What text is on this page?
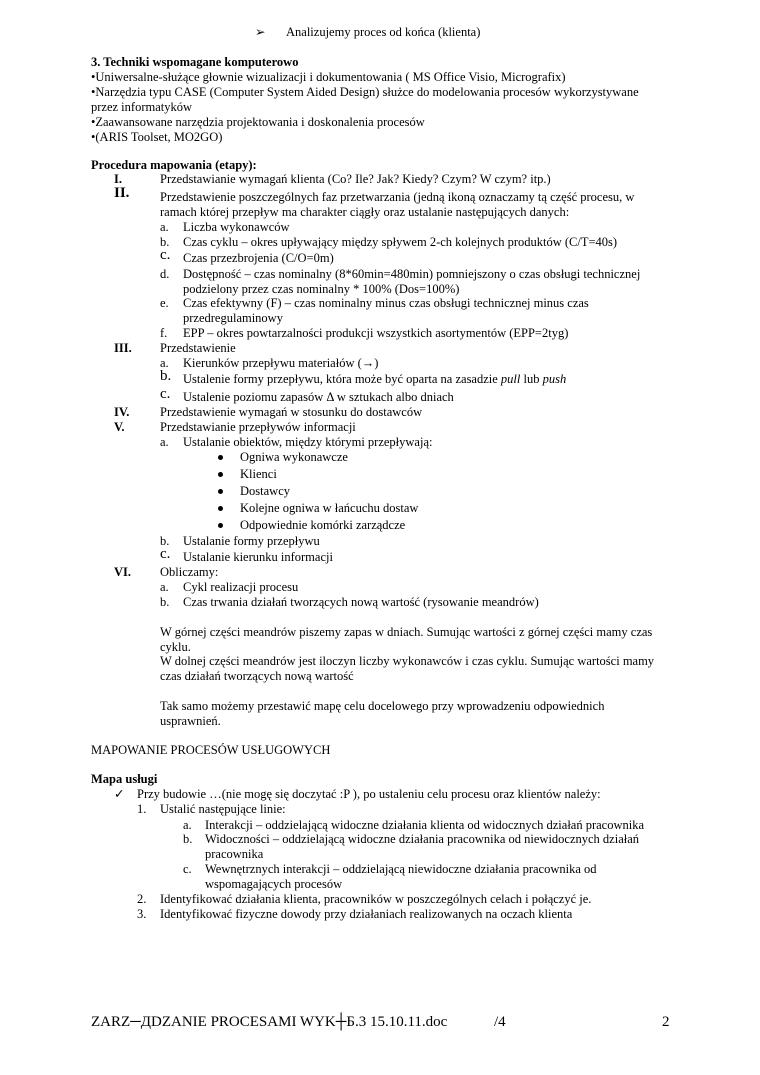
➢ Analizujemy proces od końca (klienta)
3. Techniki wspomagane komputerowo
•Uniwersalne-służące głownie wizualizacji i dokumentowania ( MS Office Visio, Micrografix)
•Narzędzia typu CASE (Computer System Aided Design) służce do modelowania procesów wykorzystywane
przez informatyków
•Zaawansowane narzędzia projektowania i doskonalenia procesów
•(ARIS Toolset, MO2GO)
Procedura mapowania (etapy):
I.	Przedstawianie wymagań klienta (Co? Ile? Jak? Kiedy? Czym? W czym? itp.)
II. Przedstawienie poszczególnych faz przetwarzania (jedną ikoną oznaczamy tą część procesu, w
ramach której przepływ ma charakter ciągły oraz ustalanie następujących danych:
a. Liczba wykonawców
b. Czas cyklu – okres upływający między spływem 2-ch kolejnych produktów (C/T=40s)
c. Czas przezbrojenia (C/O=0m)
d. Dostępność – czas nominalny (8*60min=480min) pomniejszony o czas obsługi technicznej
podzielony przez czas nominalny * 100% (Dos=100%)
e. Czas efektywny (F) – czas nominalny minus czas obsługi technicznej minus czas
przedregulaminowy
f. EPP – okres powtarzalności produkcji wszystkich asortymentów (EPP=2tyg)
III. Przedstawienie
a. Kierunków przepływu materiałów (→)
b. Ustalenie formy przepływu, która może być oparta na zasadzie pull lub push
c. Ustalenie poziomu zapasów Δ w sztukach albo dniach
IV. Przedstawienie wymagań w stosunku do dostawców
V.	Przedstawianie przepływów informacji
a. Ustalanie obiektów, między którymi przepływają:
Ogniwa wykonawcze
Klienci
Dostawcy
Kolejne ogniwa w łańcuchu dostaw
Odpowiednie komórki zarządcze
b. Ustalanie formy przepływu
c. Ustalanie kierunku informacji
VI. Obliczamy:
a. Cykl realizacji procesu
b. Czas trwania działań tworzących nową wartość (rysowanie meandrów)
W górnej części meandrów piszemy zapas w dniach. Sumując wartości z górnej części mamy czas
cyklu.
W dolnej części meandrów jest iloczyn liczby wykonawców i czas cyklu. Sumując wartości mamy
czas działań tworzących nową wartość
Tak samo możemy przestawić mapę celu docelowego przy wprowadzeniu odpowiednich
usprawnień.
MAPOWANIE PROCESÓW USŁUGOWYCH
Mapa usługi
✓ Przy budowie …(nie mogę się doczytać :P ), po ustaleniu celu procesu oraz klientów należy:
1. Ustalić następujące linie:
a. Interakcji – oddzielającą widoczne działania klienta od widocznych działań pracownika
b. Widoczności – oddzielającą widoczne działania pracownika od niewidocznych działań
pracownika
c. Wewnętrznych interakcji – oddzielającą niewidoczne działania pracownika od
wspomagających procesów
2. Identyfikować działania klienta, pracowników w poszczególnych celach i połączyć je.
3. Identyfikować fizyczne dowody przy działaniach realizowanych na oczach klienta
ZARZ─ДDZANIE PROCESAMI WYK┼Б.3 15.10.11.doc	/4	2
